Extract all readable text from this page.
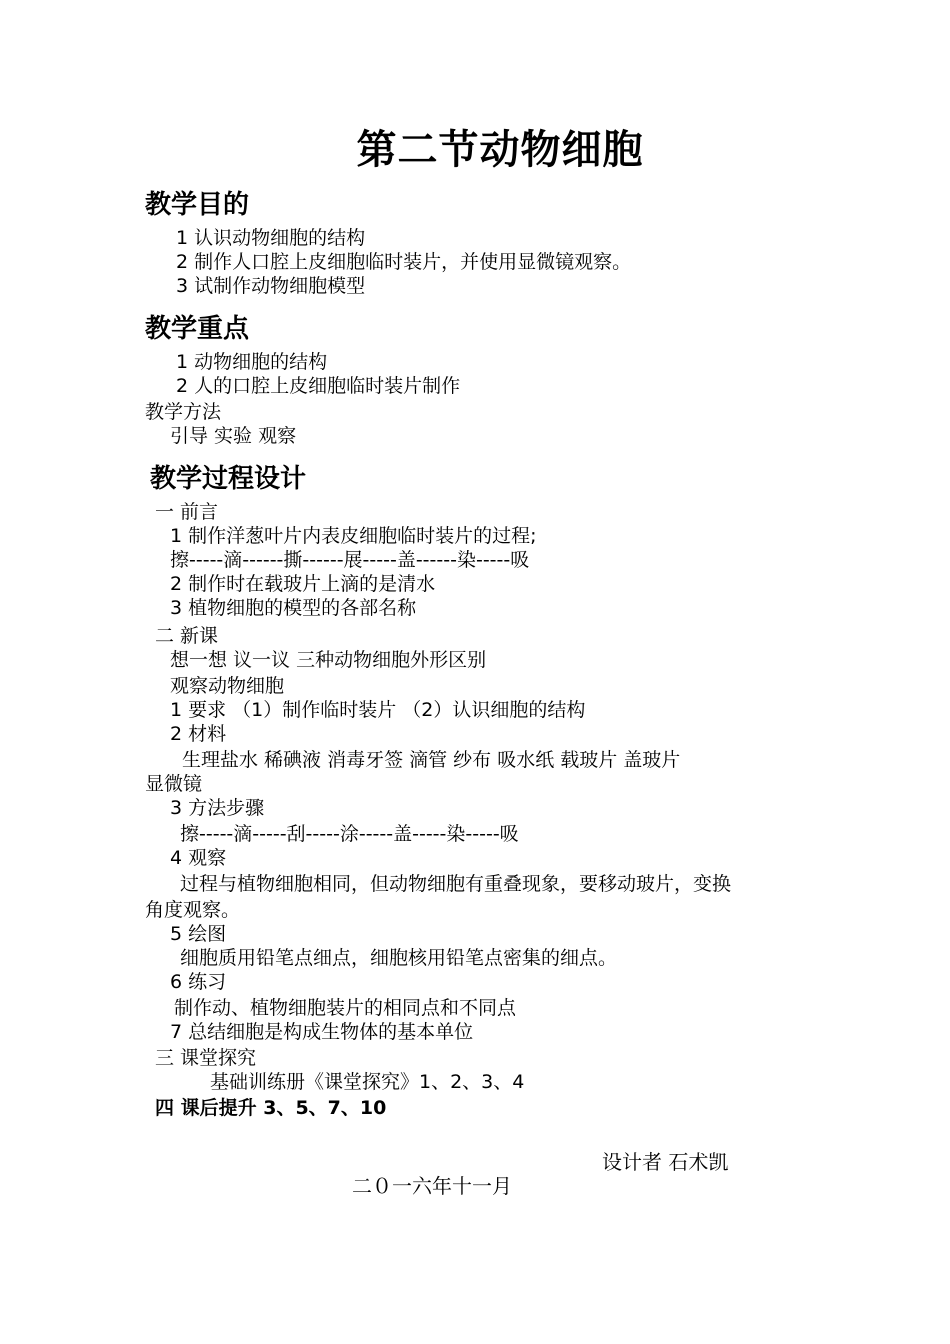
第二节动物细胞
教学目的
1 认识动物细胞的结构
2 制作人口腔上皮细胞临时装片，并使用显微镜观察。
3 试制作动物细胞模型
教学重点
1 动物细胞的结构
2 人的口腔上皮细胞临时装片制作
教学方法
引导 实验 观察
教学过程设计
一 前言
1 制作洋葱叶片内表皮细胞临时装片的过程;
擦-----滴------撕------展-----盖------染-----吸
2 制作时在载玻片上滴的是清水
3 植物细胞的模型的各部名称
二 新课
想一想 议一议 三种动物细胞外形区别
观察动物细胞
1 要求 （1）制作临时装片 （2）认识细胞的结构
2 材料
生理盐水 稀碘液 消毒牙签 滴管 纱布 吸水纸 载玻片 盖玻片
显微镜
3 方法步骤
擦-----滴-----刮-----涂-----盖-----染-----吸
4 观察
过程与植物细胞相同，但动物细胞有重叠现象，要移动玻片，变换
角度观察。
5 绘图
细胞质用铅笔点细点，细胞核用铅笔点密集的细点。
6 练习
制作动、植物细胞装片的相同点和不同点
7 总结细胞是构成生物体的基本单位
三 课堂探究
基础训练册《课堂探究》1、2、3、4
四 课后提升 3、5、7、10
设计者 石术凯
二０一六年十一月
